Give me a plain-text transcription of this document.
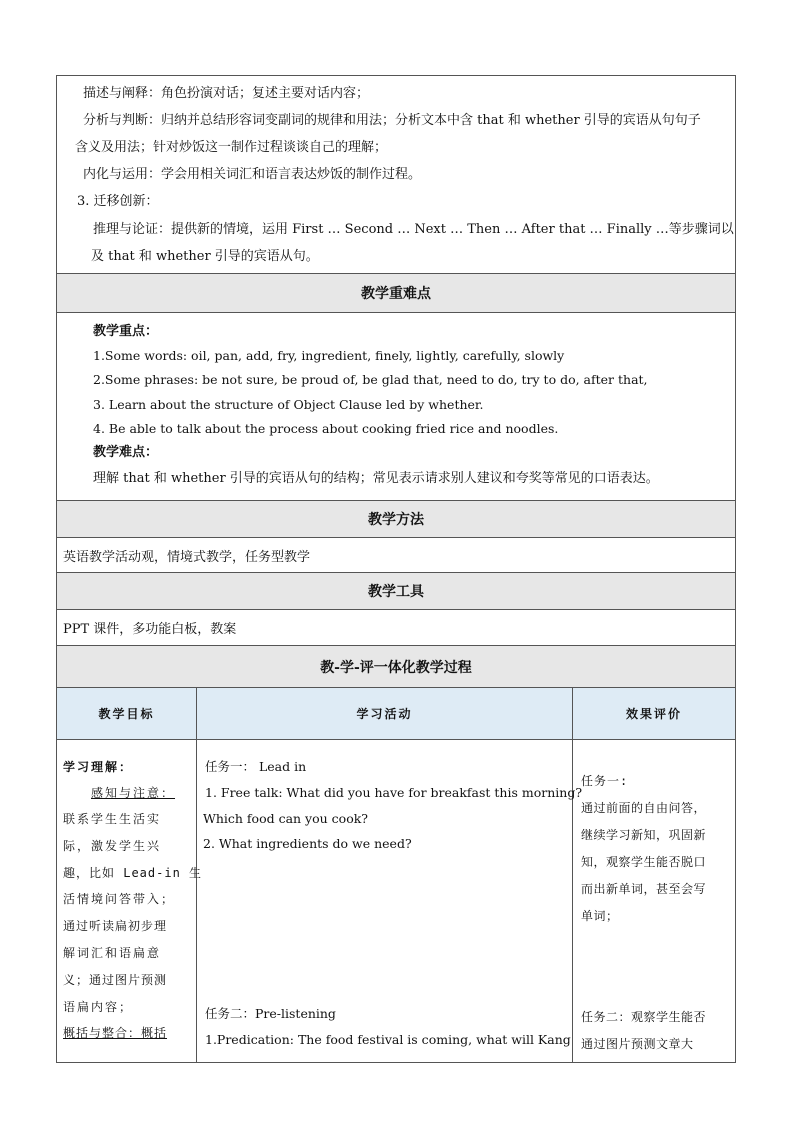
描述与阐释：角色扮演对话；复述主要对话内容；
分析与判断：归纳并总结形容词变副词的规律和用法；分析文本中含 that 和 whether 引导的宾语从句句子
含义及用法；针对炒饭这一制作过程谈谈自己的理解；
内化与运用：学会用相关词汇和语言表达炒饭的制作过程。
3. 迁移创新：
推理与论证：提供新的情境，运用 First … Second … Next … Then … After that … Finally …等步骤词以
及 that 和 whether 引导的宾语从句。
教学重难点
教学重点：
1.Some words: oil, pan, add, fry, ingredient, finely, lightly, carefully, slowly
2.Some phrases: be not sure, be proud of, be glad that, need to do, try to do, after that,
3. Learn about the structure of Object Clause led by whether.
4. Be able to talk about the process about cooking fried rice and noodles.
教学难点：
理解 that 和 whether 引导的宾语从句的结构；常见表示请求别人建议和夸奖等常见的口语表达。
教学方法
英语教学活动观，情境式教学，任务型教学
教学工具
PPT 课件，多功能白板，教案
教-学-评一体化教学过程
教学目标	学习活动	效果评价
学习理解：
感知与注意：
联系学生生活实
际，激发学生兴
趣，比如 Lead-in 生
活情境问答带入；
通过听读扁初步理
解词汇和语扁意
义；通过图片预测
语扁内容；
概括与整合：概括
任务一： Lead in
1. Free talk: What did you have for breakfast this morning?
Which food can you cook?
2. What ingredients do we need?
任务二：Pre-listening
1.Predication: The food festival is coming, what will Kang
任务一:
通过前面的自由问答，
继续学习新知，巩固新
知，观察学生能否脱口
而出新单词，甚至会写
单词；
任务二：观察学生能否
通过图片预测文章大
